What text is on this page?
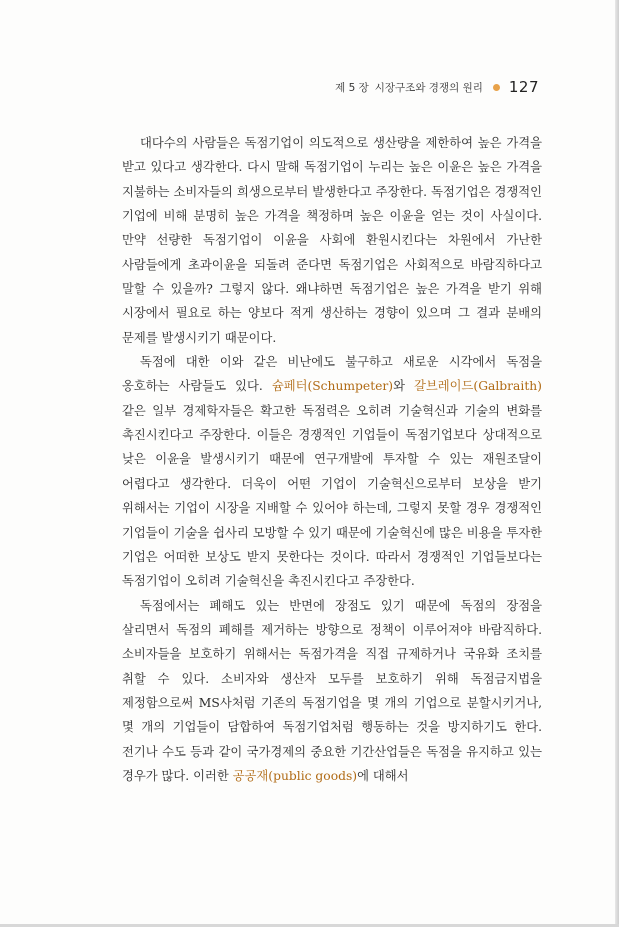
제 5 장 시장구조와 경쟁의 원리 127

대다수의 사람들은 독점기업이 의도적으로 생산량을 제한하여 높은 가격을 받고 있다고 생각한다. 다시 말해 독점기업이 누리는 높은 이윤은 높은 가격을 지불하는 소비자들의 희생으로부터 발생한다고 주장한다. 독점기업은 경쟁적인 기업에 비해 분명히 높은 가격을 책정하며 높은 이윤을 얻는 것이 사실이다. 만약 선량한 독점기업이 이윤을 사회에 환원시킨다는 차원에서 가난한 사람들에게 초과이윤을 되돌려 준다면 독점기업은 사회적으로 바람직하다고 말할 수 있을까? 그렇지 않다. 왜냐하면 독점기업은 높은 가격을 받기 위해 시장에서 필요로 하는 양보다 적게 생산하는 경향이 있으며 그 결과 분배의 문제를 발생시키기 때문이다.

독점에 대한 이와 같은 비난에도 불구하고 새로운 시각에서 독점을 옹호하는 사람들도 있다. 슘페터(Schumpeter)와 갈브레이드(Galbraith) 같은 일부 경제학자들은 확고한 독점력은 오히려 기술혁신과 기술의 변화를 촉진시킨다고 주장한다. 이들은 경쟁적인 기업들이 독점기업보다 상대적으로 낮은 이윤을 발생시키기 때문에 연구개발에 투자할 수 있는 재원조달이 어렵다고 생각한다. 더욱이 어떤 기업이 기술혁신으로부터 보상을 받기 위해서는 기업이 시장을 지배할 수 있어야 하는데, 그렇지 못할 경우 경쟁적인 기업들이 기술을 쉽사리 모방할 수 있기 때문에 기술혁신에 많은 비용을 투자한 기업은 어떠한 보상도 받지 못한다는 것이다. 따라서 경쟁적인 기업들보다는 독점기업이 오히려 기술혁신을 촉진시킨다고 주장한다.

독점에서는 폐해도 있는 반면에 장점도 있기 때문에 독점의 장점을 살리면서 독점의 폐해를 제거하는 방향으로 정책이 이루어져야 바람직하다. 소비자들을 보호하기 위해서는 독점가격을 직접 규제하거나 국유화 조치를 취할 수 있다. 소비자와 생산자 모두를 보호하기 위해 독점금지법을 제정함으로써 MS사처럼 기존의 독점기업을 몇 개의 기업으로 분할시키거나, 몇 개의 기업들이 담합하여 독점기업처럼 행동하는 것을 방지하기도 한다. 전기나 수도 등과 같이 국가경제의 중요한 기간산업들은 독점을 유지하고 있는 경우가 많다. 이러한 공공재(public goods)에 대해서
